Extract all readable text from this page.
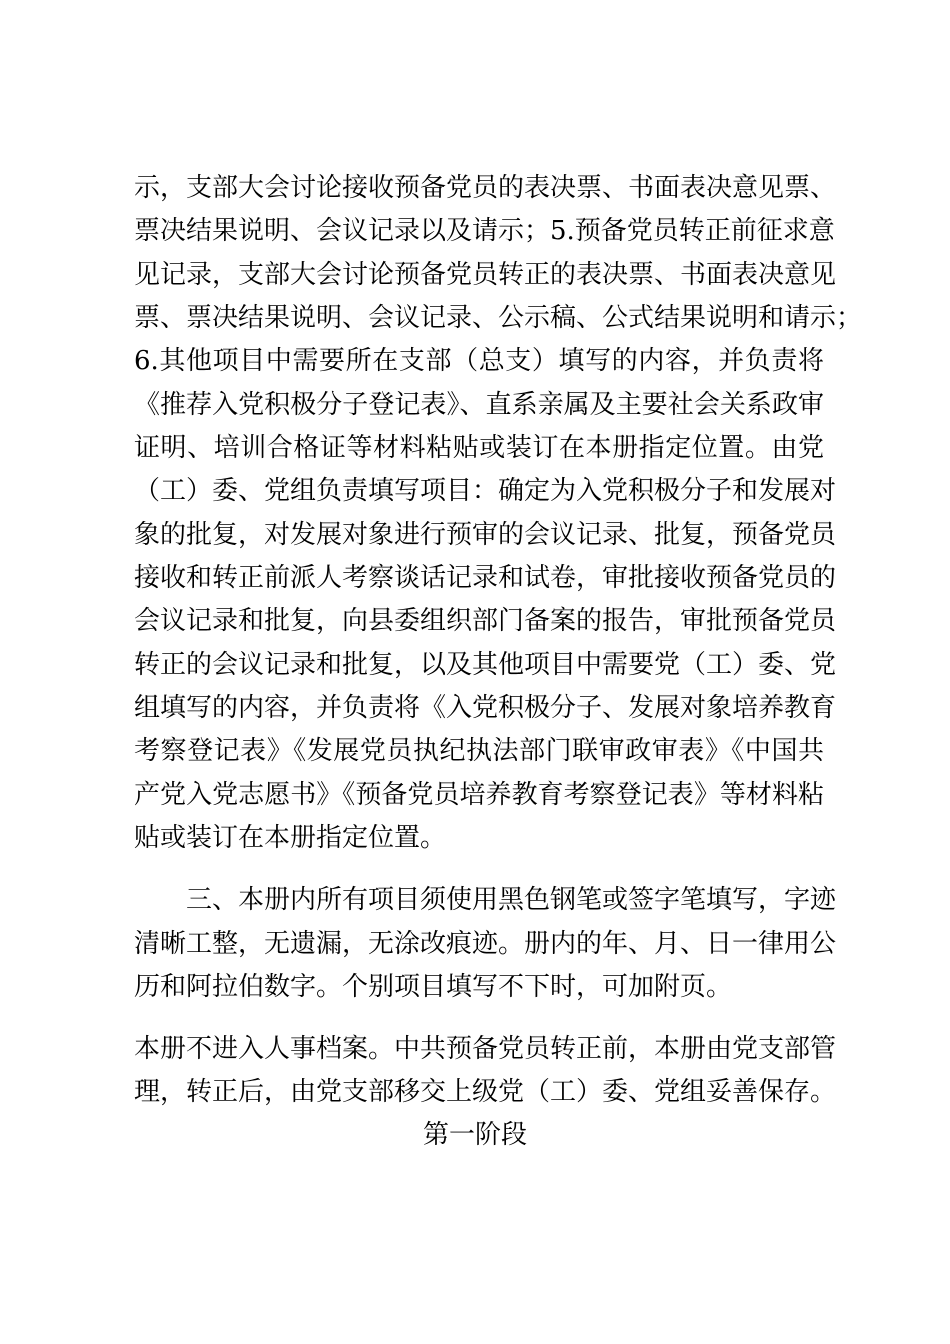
示，支部大会讨论接收预备党员的表决票、书面表决意见票、
票决结果说明、会议记录以及请示；5.预备党员转正前征求意
见记录，支部大会讨论预备党员转正的表决票、书面表决意见
票、票决结果说明、会议记录、公示稿、公式结果说明和请示；
6.其他项目中需要所在支部（总支）填写的内容，并负责将
《推荐入党积极分子登记表》、直系亲属及主要社会关系政审
证明、培训合格证等材料粘贴或装订在本册指定位置。由党
（工）委、党组负责填写项目：确定为入党积极分子和发展对
象的批复，对发展对象进行预审的会议记录、批复，预备党员
接收和转正前派人考察谈话记录和试卷，审批接收预备党员的
会议记录和批复，向县委组织部门备案的报告，审批预备党员
转正的会议记录和批复，以及其他项目中需要党（工）委、党
组填写的内容，并负责将《入党积极分子、发展对象培养教育
考察登记表》《发展党员执纪执法部门联审政审表》《中国共
产党入党志愿书》《预备党员培养教育考察登记表》等材料粘
贴或装订在本册指定位置。
三、本册内所有项目须使用黑色钢笔或签字笔填写，字迹
清晰工整，无遗漏，无涂改痕迹。册内的年、月、日一律用公
历和阿拉伯数字。个别项目填写不下时，可加附页。
本册不进入人事档案。中共预备党员转正前，本册由党支部管
理，转正后，由党支部移交上级党（工）委、党组妥善保存。
第一阶段
